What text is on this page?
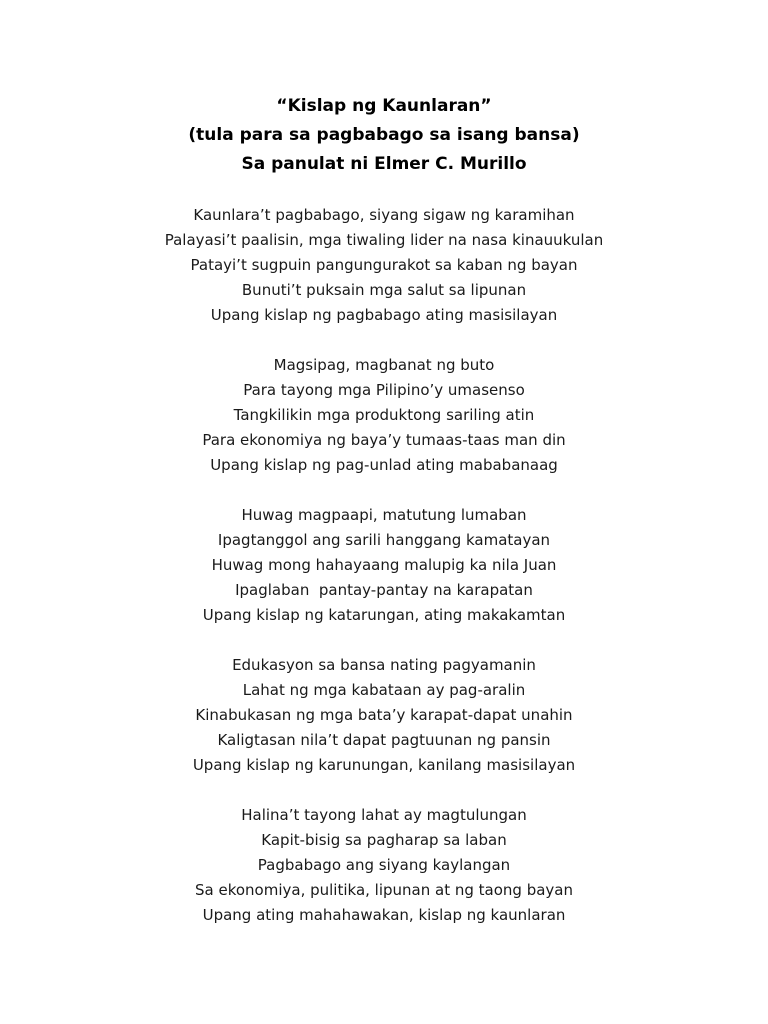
“Kislap ng Kaunlaran”
(tula para sa pagbabago sa isang bansa)
Sa panulat ni Elmer C. Murillo
Kaunlara’t pagbabago, siyang sigaw ng karamihan
Palayasi’t paalisin, mga tiwaling lider na nasa kinauukulan
Patayi’t sugpuin pangungurakot sa kaban ng bayan
Bunuti’t puksain mga salut sa lipunan
Upang kislap ng pagbabago ating masisilayan
Magsipag, magbanat ng buto
Para tayong mga Pilipino’y umasenso
Tangkilikin mga produktong sariling atin
Para ekonomiya ng baya’y tumaas-taas man din
Upang kislap ng pag-unlad ating mababanaag
Huwag magpaapi, matutung lumaban
Ipagtanggol ang sarili hanggang kamatayan
Huwag mong hahayaang malupig ka nila Juan
Ipaglaban  pantay-pantay na karapatan
Upang kislap ng katarungan, ating makakamtan
Edukasyon sa bansa nating pagyamanin
Lahat ng mga kabataan ay pag-aralin
Kinabukasan ng mga bata’y karapat-dapat unahin
Kaligtasan nila’t dapat pagtuunan ng pansin
Upang kislap ng karunungan, kanilang masisilayan
Halina’t tayong lahat ay magtulungan
Kapit-bisig sa pagharap sa laban
Pagbabago ang siyang kaylangan
Sa ekonomiya, pulitika, lipunan at ng taong bayan
Upang ating mahahawakan, kislap ng kaunlaran
